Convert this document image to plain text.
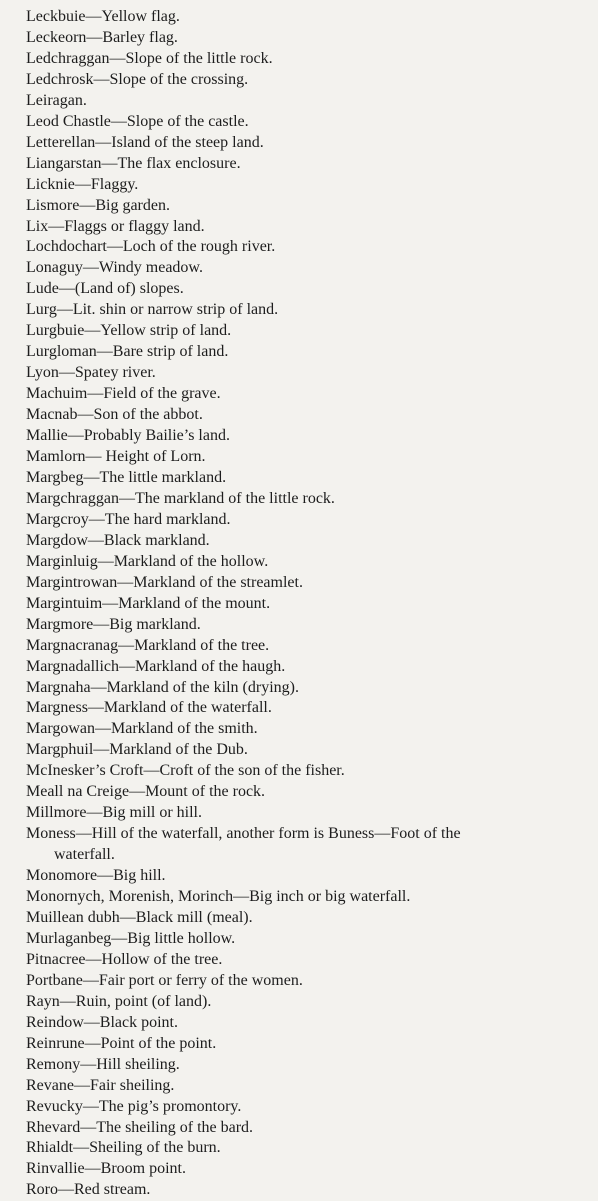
Leckbuie—Yellow flag.
Leckeorn—Barley flag.
Ledchraggan—Slope of the little rock.
Ledchrosk—Slope of the crossing.
Leiragan.
Leod Chastle—Slope of the castle.
Letterellan—Island of the steep land.
Liangarstan—The flax enclosure.
Licknie—Flaggy.
Lismore—Big garden.
Lix—Flaggs or flaggy land.
Lochdochart—Loch of the rough river.
Lonaguy—Windy meadow.
Lude—(Land of) slopes.
Lurg—Lit. shin or narrow strip of land.
Lurgbuie—Yellow strip of land.
Lurgloman—Bare strip of land.
Lyon—Spatey river.
Machuim—Field of the grave.
Macnab—Son of the abbot.
Mallie—Probably Bailie’s land.
Mamlorn— Height of Lorn.
Margbeg—The little markland.
Margchraggan—The markland of the little rock.
Margcroy—The hard markland.
Margdow—Black markland.
Marginluig—Markland of the hollow.
Margintrowan—Markland of the streamlet.
Margintuim—Markland of the mount.
Margmore—Big markland.
Margnacranag—Markland of the tree.
Margnadallich—Markland of the haugh.
Margnaha—Markland of the kiln (drying).
Margness—Markland of the waterfall.
Margowan—Markland of the smith.
Margphuil—Markland of the Dub.
McInesker’s Croft—Croft of the son of the fisher.
Meall na Creige—Mount of the rock.
Millmore—Big mill or hill.
Moness—Hill of the waterfall, another form is Buness—Foot of the
waterfall.
Monomore—Big hill.
Monornych, Morenish, Morinch—Big inch or big waterfall.
Muillean dubh—Black mill (meal).
Murlaganbeg—Big little hollow.
Pitnacree—Hollow of the tree.
Portbane—Fair port or ferry of the women.
Rayn—Ruin, point (of land).
Reindow—Black point.
Reinrune—Point of the point.
Remony—Hill sheiling.
Revane—Fair sheiling.
Revucky—The pig’s promontory.
Rhevard—The sheiling of the bard.
Rhialdt—Sheiling of the burn.
Rinvallie—Broom point.
Roro—Red stream.
